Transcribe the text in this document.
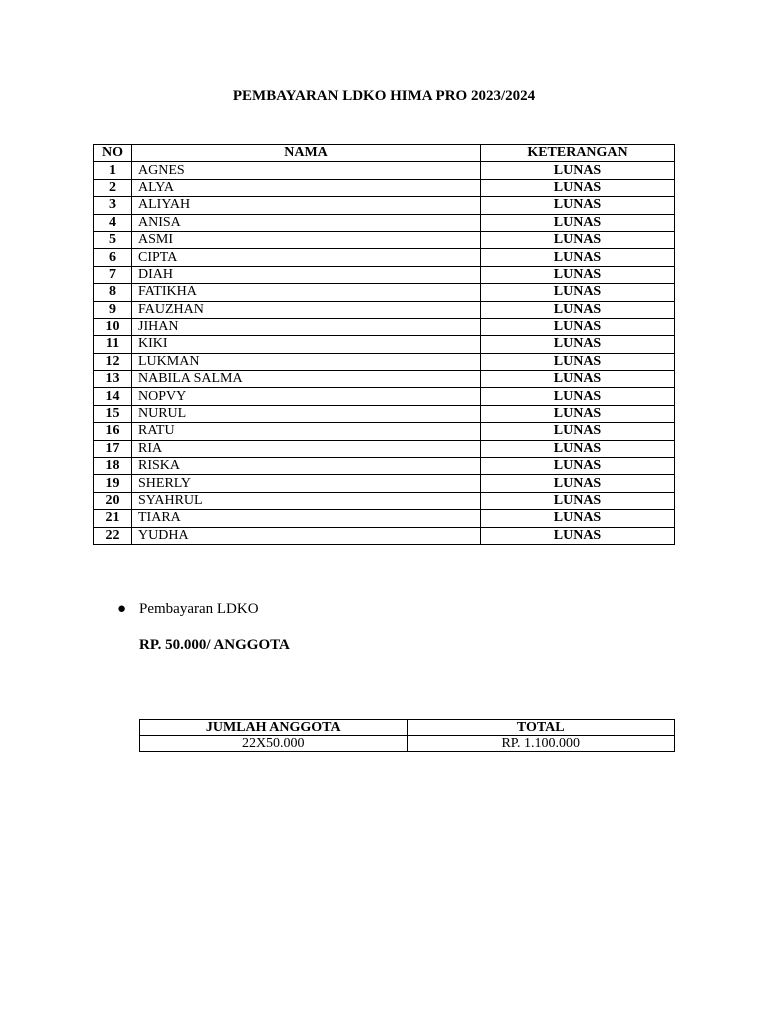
PEMBAYARAN LDKO HIMA PRO 2023/2024
NO	NAMA	KETERANGAN
1	AGNES	LUNAS
2	ALYA	LUNAS
3	ALIYAH	LUNAS
4	ANISA	LUNAS
5	ASMI	LUNAS
6	CIPTA	LUNAS
7	DIAH	LUNAS
8	FATIKHA	LUNAS
9	FAUZHAN	LUNAS
10	JIHAN	LUNAS
11	KIKI	LUNAS
12	LUKMAN	LUNAS
13	NABILA SALMA	LUNAS
14	NOPVY	LUNAS
15	NURUL	LUNAS
16	RATU	LUNAS
17	RIA	LUNAS
18	RISKA	LUNAS
19	SHERLY	LUNAS
20	SYAHRUL	LUNAS
21	TIARA	LUNAS
22	YUDHA	LUNAS
● Pembayaran LDKO
RP. 50.000/ ANGGOTA
JUMLAH ANGGOTA	TOTAL
22X50.000	RP. 1.100.000
